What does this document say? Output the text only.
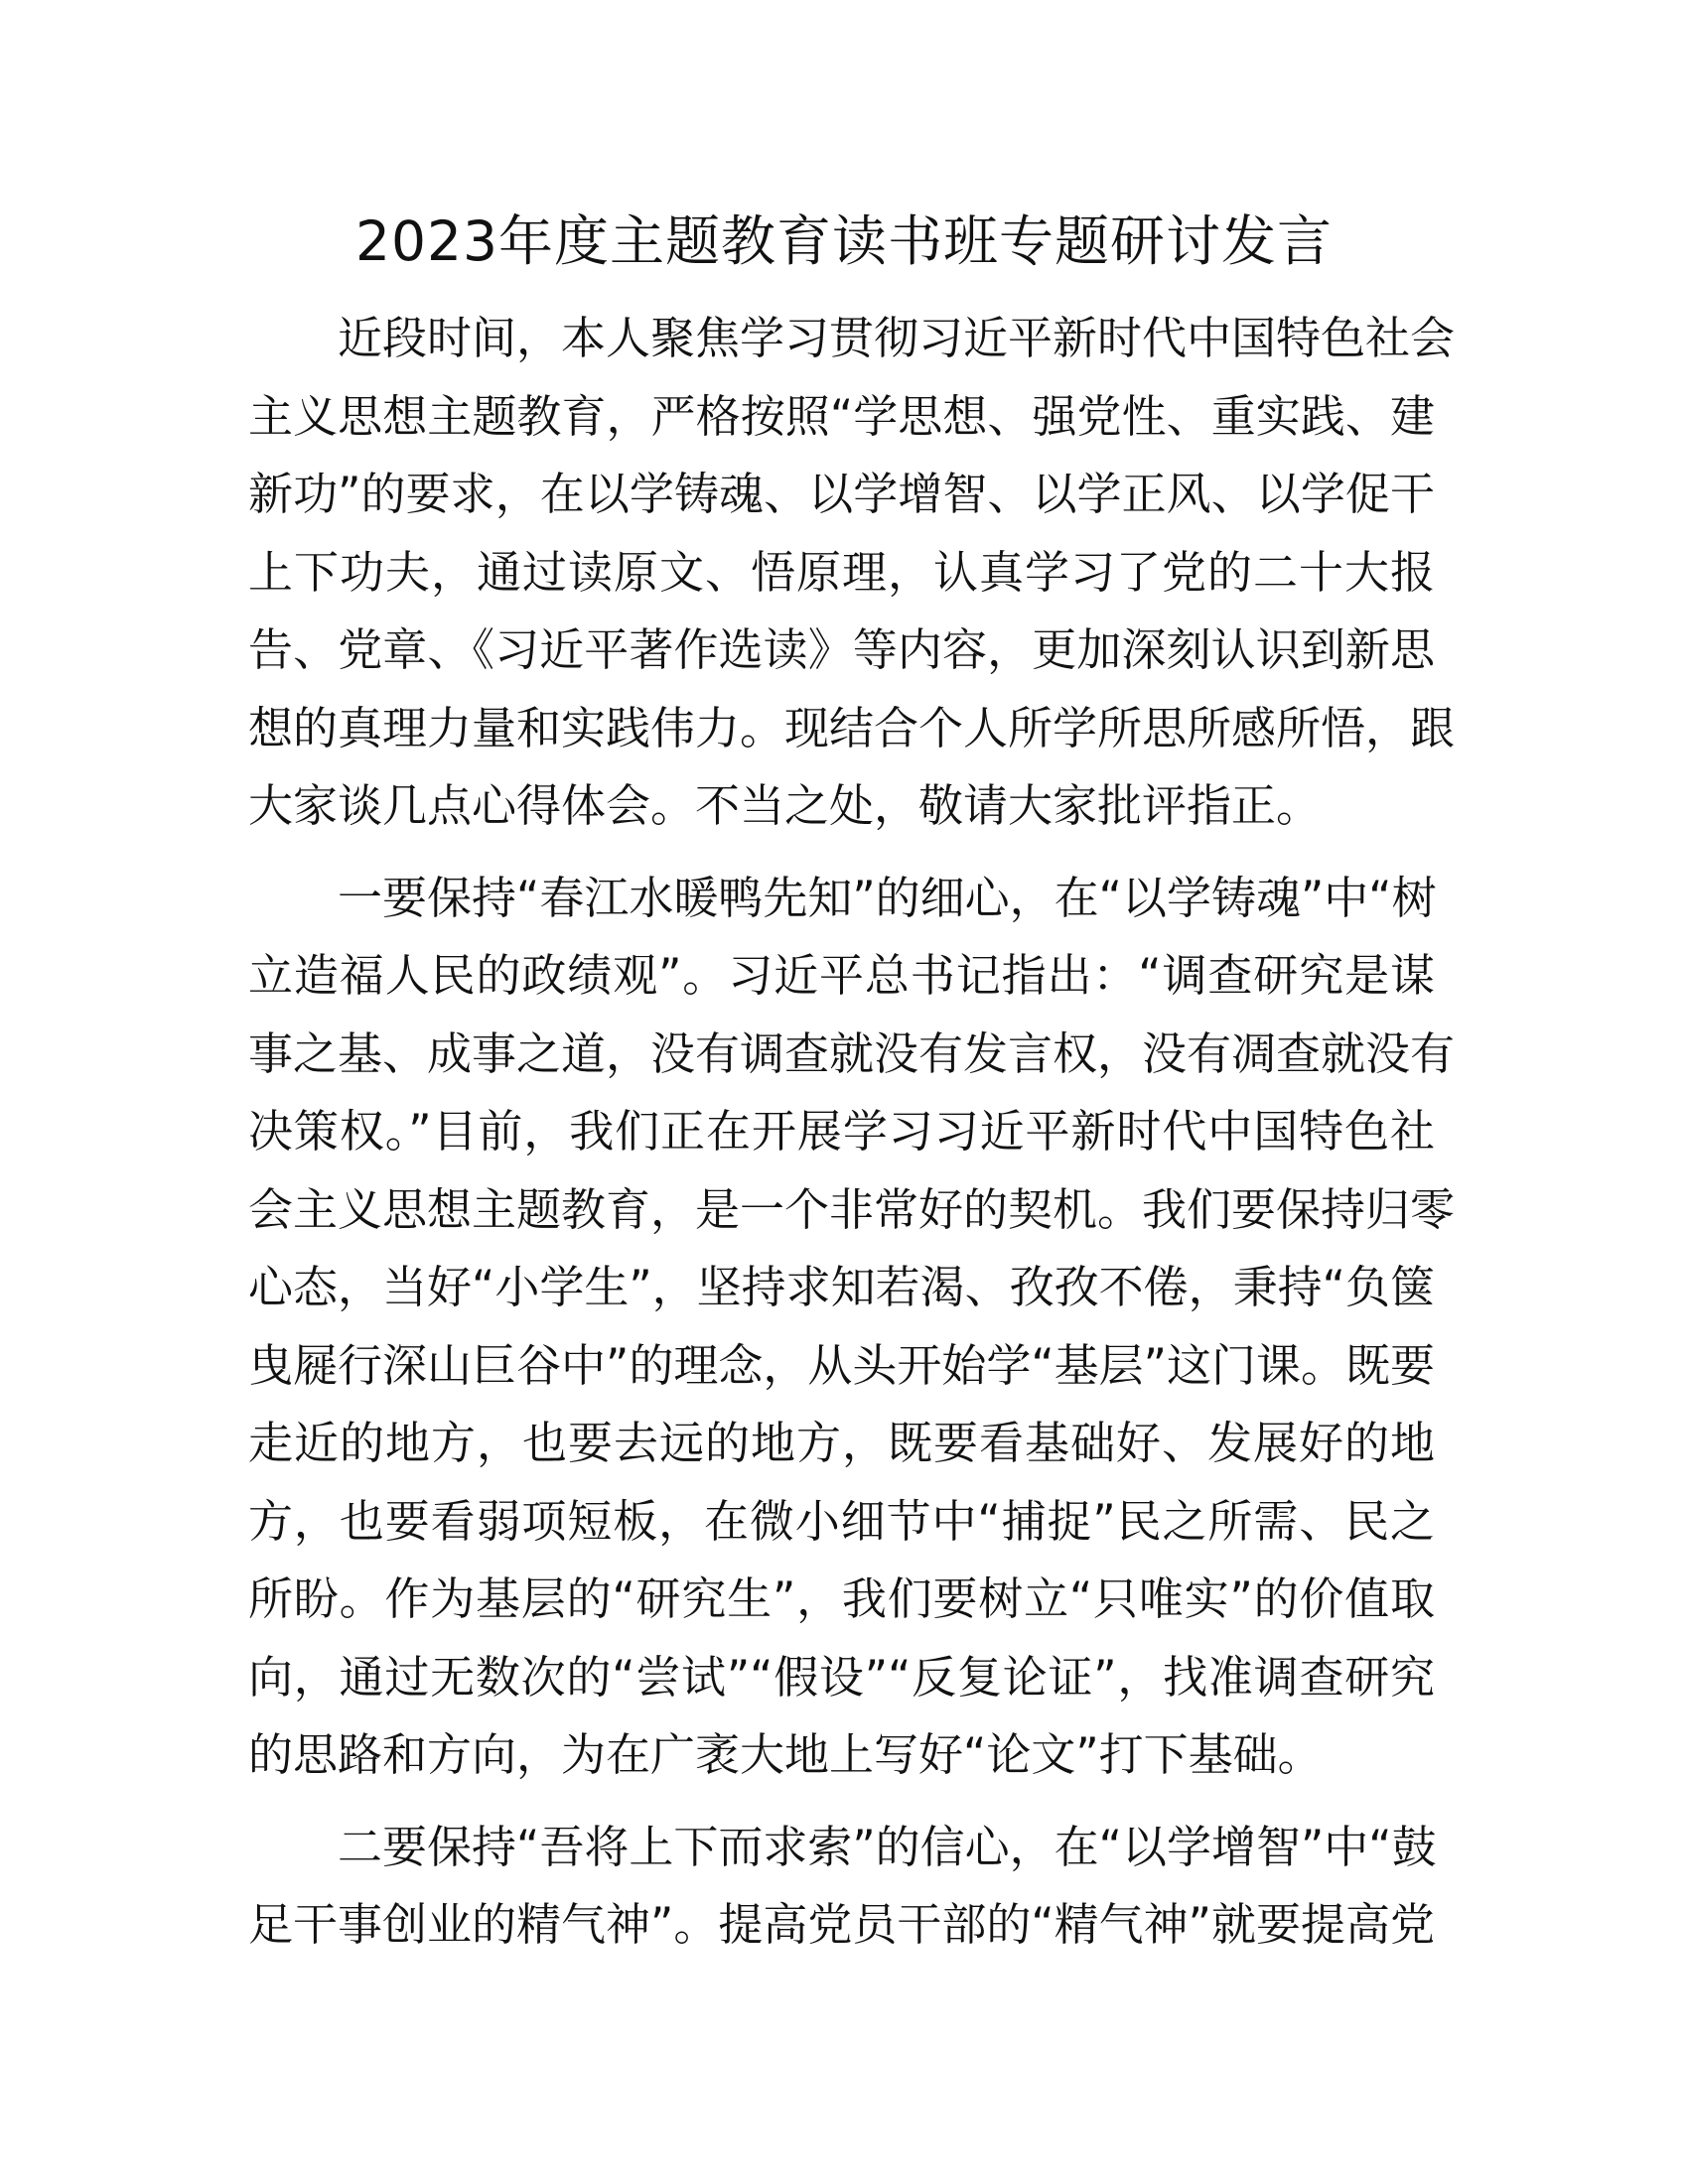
2023年度主题教育读书班专题研讨发言

近段时间，本人聚焦学习贯彻习近平新时代中国特色社会
主义思想主题教育，严格按照“学思想、强党性、重实践、建
新功”的要求，在以学铸魂、以学增智、以学正风、以学促干
上下功夫，通过读原文、悟原理，认真学习了党的二十大报
告、党章、《习近平著作选读》等内容，更加深刻认识到新思
想的真理力量和实践伟力。现结合个人所学所思所感所悟，跟
大家谈几点心得体会。不当之处，敬请大家批评指正。

一要保持“春江水暖鸭先知”的细心，在“以学铸魂”中“树
立造福人民的政绩观”。习近平总书记指出：“调查研究是谋
事之基、成事之道，没有调查就没有发言权，没有凋查就没有
决策权。”目前，我们正在开展学习习近平新时代中国特色社
会主义思想主题教育，是一个非常好的契机。我们要保持归零
心态，当好“小学生”，坚持求知若渴、孜孜不倦，秉持“负箧
曳屣行深山巨谷中”的理念，从头开始学“基层”这门课。既要
走近的地方，也要去远的地方，既要看基础好、发展好的地
方，也要看弱项短板，在微小细节中“捕捉”民之所需、民之
所盼。作为基层的“研究生”，我们要树立“只唯实”的价值取
向，通过无数次的“尝试”“假设”“反复论证”，找准调查研究
的思路和方向，为在广袤大地上写好“论文”打下基础。

二要保持“吾将上下而求索”的信心，在“以学增智”中“鼓
足干事创业的精气神”。提高党员干部的“精气神”就要提高党
